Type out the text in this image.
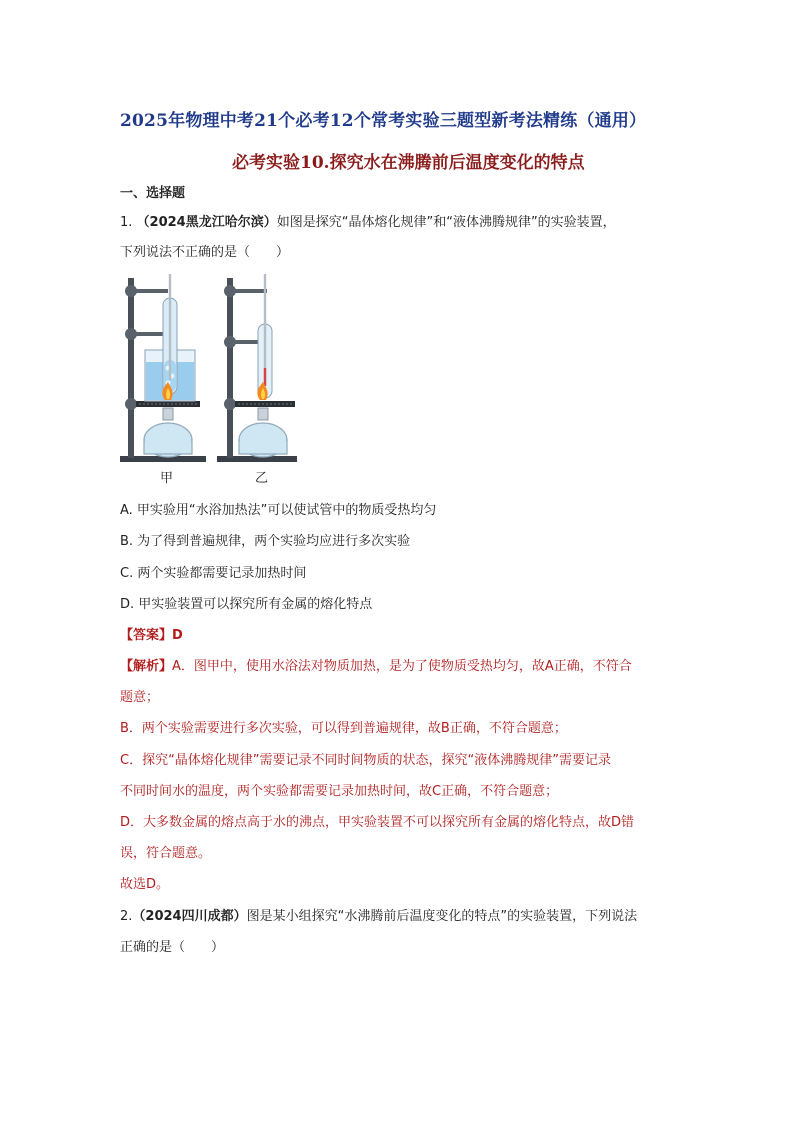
2025年物理中考21个必考12个常考实验三题型新考法精练（通用）
必考实验10.探究水在沸腾前后温度变化的特点
一、选择题
1. （2024黑龙江哈尔滨）如图是探究“晶体熔化规律”和“液体沸腾规律”的实验装置，
下列说法不正确的是（　　）
甲	乙
A. 甲实验用“水浴加热法”可以使试管中的物质受热均匀
B. 为了得到普遍规律，两个实验均应进行多次实验
C. 两个实验都需要记录加热时间
D. 甲实验装置可以探究所有金属的熔化特点
【答案】D
【解析】A．图甲中，使用水浴法对物质加热，是为了使物质受热均匀，故A正确，不符合
题意；
B．两个实验需要进行多次实验，可以得到普遍规律，故B正确，不符合题意；
C．探究“晶体熔化规律”需要记录不同时间物质的状态，探究“液体沸腾规律”需要记录
不同时间水的温度，两个实验都需要记录加热时间，故C正确，不符合题意；
D．大多数金属的熔点高于水的沸点，甲实验装置不可以探究所有金属的熔化特点，故D错
误，符合题意。
故选D。
2.（2024四川成都）图是某小组探究“水沸腾前后温度变化的特点”的实验装置，下列说法
正确的是（　　）
